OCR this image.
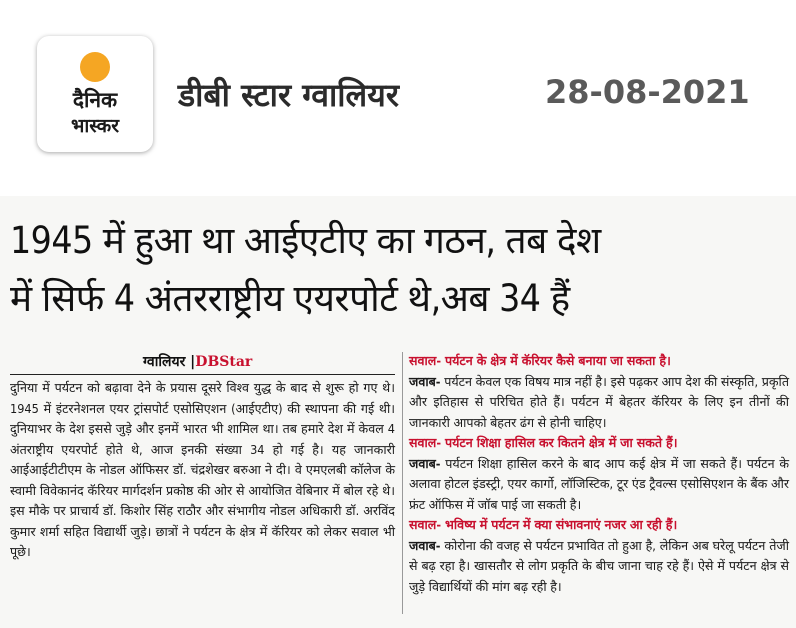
दैनिक
भास्कर
डीबी स्टार ग्वालियर	28-08-2021
1945 में हुआ था आईएटीए का गठन, तब देश
में सिर्फ 4 अंतरराष्ट्रीय एयरपोर्ट थे,अब 34 हैं
ग्वालियर |DBStar
दुनिया में पर्यटन को बढ़ावा देने के प्रयास दूसरे विश्व युद्ध के बाद से शुरू हो गए थे। 1945 में इंटरनेशनल एयर ट्रांसपोर्ट एसोसिएशन (आईएटीए) की स्थापना की गई थी। दुनियाभर के देश इससे जुड़े और इनमें भारत भी शामिल था। तब हमारे देश में केवल 4 अंतराष्ट्रीय एयरपोर्ट होते थे, आज इनकी संख्या 34 हो गई है। यह जानकारी आईआईटीटीएम के नोडल ऑफिसर डॉ. चंद्रशेखर बरुआ ने दी। वे एमएलबी कॉलेज के स्वामी विवेकानंद कॅरियर मार्गदर्शन प्रकोष्ठ की ओर से आयोजित वेबिनार में बोल रहे थे। इस मौके पर प्राचार्य डॉ. किशोर सिंह राठौर और संभागीय नोडल अधिकारी डॉ. अरविंद कुमार शर्मा सहित विद्यार्थी जुड़े। छात्रों ने पर्यटन के क्षेत्र में कॅरियर को लेकर सवाल भी पूछे।
सवाल- पर्यटन के क्षेत्र में कॅरियर कैसे बनाया जा सकता है।
जवाब- पर्यटन केवल एक विषय मात्र नहीं है। इसे पढ़कर आप देश की संस्कृति, प्रकृति और इतिहास से परिचित होते हैं। पर्यटन में बेहतर कॅरियर के लिए इन तीनों की जानकारी आपको बेहतर ढंग से होनी चाहिए।
सवाल- पर्यटन शिक्षा हासिल कर कितने क्षेत्र में जा सकते हैं।
जवाब- पर्यटन शिक्षा हासिल करने के बाद आप कई क्षेत्र में जा सकते हैं। पर्यटन के अलावा होटल इंडस्ट्री, एयर कार्गो, लॉजिस्टिक, टूर एंड ट्रैवल्स एसोसिएशन के बैंक और फ्रंट ऑफिस में जॉब पाई जा सकती है।
सवाल- भविष्य में पर्यटन में क्या संभावनाएं नजर आ रही हैं।
जवाब- कोरोना की वजह से पर्यटन प्रभावित तो हुआ है, लेकिन अब घरेलू पर्यटन तेजी से बढ़ रहा है। खासतौर से लोग प्रकृति के बीच जाना चाह रहे हैं। ऐसे में पर्यटन क्षेत्र से जुड़े विद्यार्थियों की मांग बढ़ रही है।
